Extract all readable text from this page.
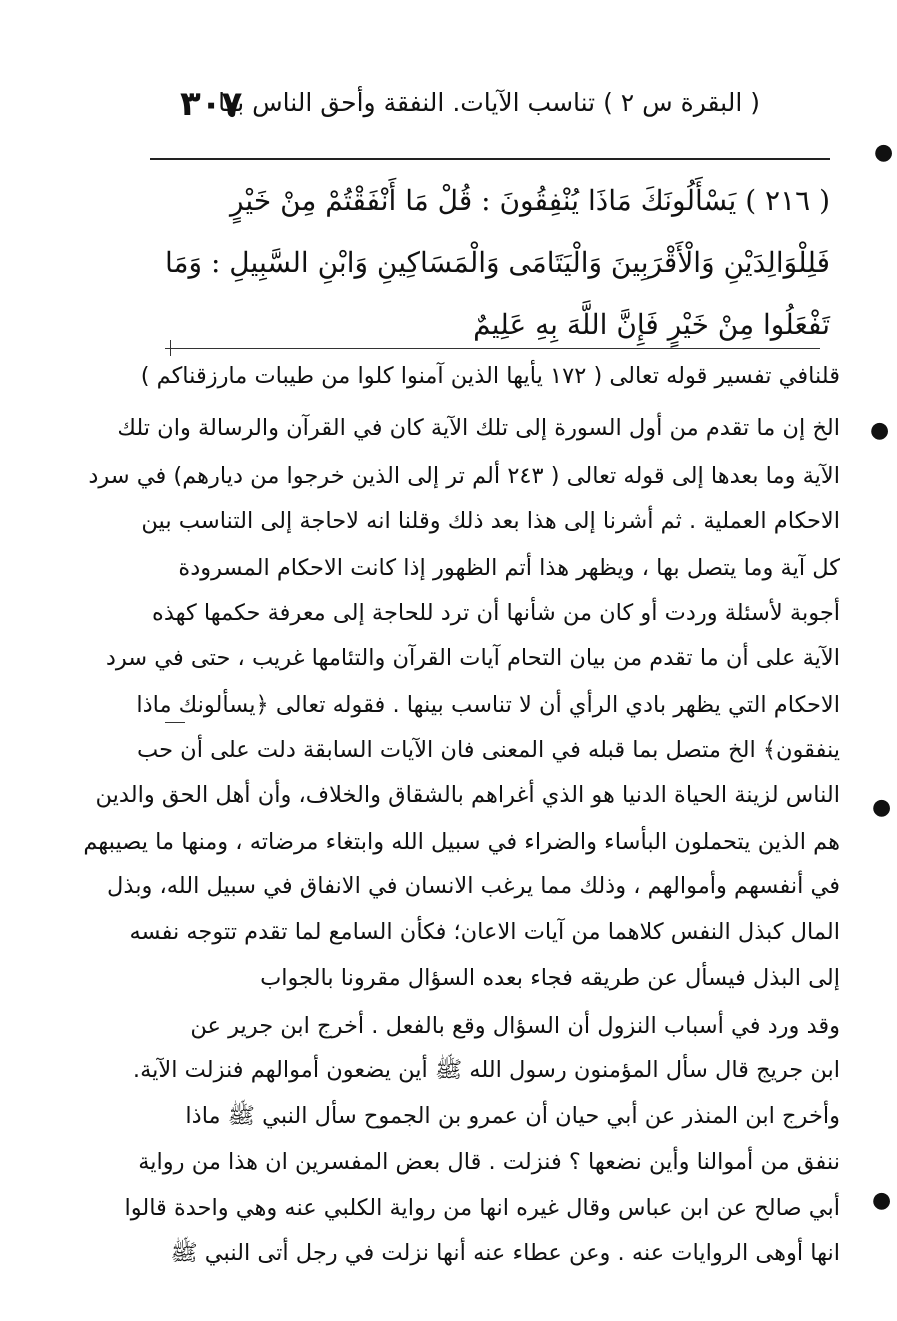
( البقرة س ٢ ) تناسب الآيات. النفقة وأحق الناس بها
٣٠٧
●
( ٢١٦ ) يَسْأَلُونَكَ مَاذَا يُنْفِقُونَ : قُلْ مَا أَنْفَقْتُمْ مِنْ خَيْرٍ
فَلِلْوَالِدَيْنِ وَالْأَقْرَبِينَ وَالْيَتَامَى وَالْمَسَاكِينِ وَابْنِ السَّبِيلِ : وَمَا
تَفْعَلُوا مِنْ خَيْرٍ فَإِنَّ اللَّهَ بِهِ عَلِيمٌ
قلنافي تفسير قوله تعالى ( ١٧٢ يأيها الذين آمنوا كلوا من طيبات مارزقناكم )
الخ إن ما تقدم من أول السورة إلى تلك الآية كان في القرآن والرسالة وان تلك
الآية وما بعدها إلى قوله تعالى ( ٢٤٣ ألم تر إلى الذين خرجوا من ديارهم) في سرد
الاحكام العملية . ثم أشرنا إلى هذا بعد ذلك وقلنا انه لاحاجة إلى التناسب بين
كل آية وما يتصل بها ، ويظهر هذا أتم الظهور إذا كانت الاحكام المسرودة
أجوبة لأسئلة وردت أو كان من شأنها أن ترد للحاجة إلى معرفة حكمها كهذه
الآية على أن ما تقدم من بيان التحام آيات القرآن والتئامها غريب ، حتى في سرد
الاحكام التي يظهر بادي الرأي أن لا تناسب بينها . فقوله تعالى ﴿يسألونك ماذا
ينفقون﴾ الخ متصل بما قبله في المعنى فان الآيات السابقة دلت على أن حب
الناس لزينة الحياة الدنيا هو الذي أغراهم بالشقاق والخلاف، وأن أهل الحق والدين
هم الذين يتحملون البأساء والضراء في سبيل الله وابتغاء مرضاته ، ومنها ما يصيبهم
في أنفسهم وأموالهم ، وذلك مما يرغب الانسان في الانفاق في سبيل الله، وبذل
المال كبذل النفس كلاهما من آيات الاعان؛ فكأن السامع لما تقدم تتوجه نفسه
إلى البذل فيسأل عن طريقه فجاء بعده السؤال مقرونا بالجواب
وقد ورد في أسباب النزول أن السؤال وقع بالفعل . أخرج ابن جرير عن
ابن جريج قال سأل المؤمنون رسول الله ﷺ أين يضعون أموالهم فنزلت الآية.
وأخرج ابن المنذر عن أبي حيان أن عمرو بن الجموح سأل النبي ﷺ ماذا
ننفق من أموالنا وأين نضعها ؟ فنزلت . قال بعض المفسرين ان هذا من رواية
أبي صالح عن ابن عباس وقال غيره انها من رواية الكلبي عنه وهي واحدة قالوا
انها أوهى الروايات عنه . وعن عطاء عنه أنها نزلت في رجل أتى النبي ﷺ
●
●
●
